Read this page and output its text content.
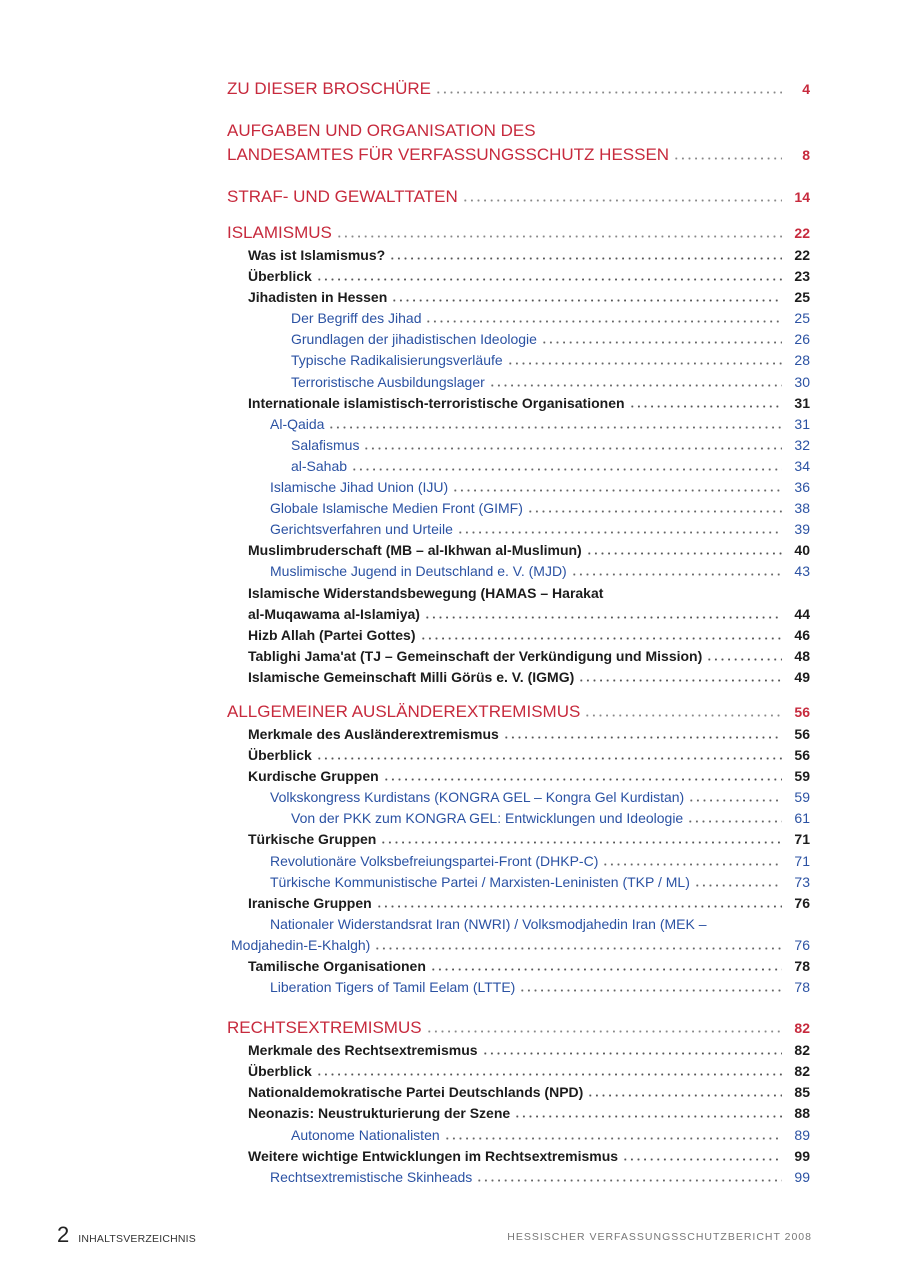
ZU DIESER BROSCHÜRE	4
AUFGABEN UND ORGANISATION DES
LANDESAMTES FÜR VERFASSUNGSSCHUTZ HESSEN	8
STRAF- UND GEWALTTATEN	14
ISLAMISMUS	22
Was ist Islamismus?	22
Überblick	23
Jihadisten in Hessen	25
Der Begriff des Jihad	25
Grundlagen der jihadistischen Ideologie	26
Typische Radikalisierungsverläufe	28
Terroristische Ausbildungslager	30
Internationale islamistisch-terroristische Organisationen	31
Al-Qaida	31
Salafismus	32
al-Sahab	34
Islamische Jihad Union (IJU)	36
Globale Islamische Medien Front (GIMF)	38
Gerichtsverfahren und Urteile	39
Muslimbruderschaft (MB – al-Ikhwan al-Muslimun)	40
Muslimische Jugend in Deutschland e. V. (MJD)	43
Islamische Widerstandsbewegung (HAMAS – Harakat
al-Muqawama al-Islamiya)	44
Hizb Allah (Partei Gottes)	46
Tablighi Jama'at (TJ – Gemeinschaft der Verkündigung und Mission)	48
Islamische Gemeinschaft Milli Görüs e. V. (IGMG)	49
ALLGEMEINER AUSLÄNDEREXTREMISMUS	56
Merkmale des Ausländerextremismus	56
Überblick	56
Kurdische Gruppen	59
Volkskongress Kurdistans (KONGRA GEL – Kongra Gel Kurdistan)	59
Von der PKK zum KONGRA GEL: Entwicklungen und Ideologie	61
Türkische Gruppen	71
Revolutionäre Volksbefreiungspartei-Front (DHKP-C)	71
Türkische Kommunistische Partei / Marxisten-Leninisten (TKP / ML)	73
Iranische Gruppen	76
Nationaler Widerstandsrat Iran (NWRI) / Volksmodjahedin Iran (MEK –
Modjahedin-E-Khalgh)	76
Tamilische Organisationen	78
Liberation Tigers of Tamil Eelam (LTTE)	78
RECHTSEXTREMISMUS	82
Merkmale des Rechtsextremismus	82
Überblick	82
Nationaldemokratische Partei Deutschlands (NPD)	85
Neonazis: Neustrukturierung der Szene	88
Autonome Nationalisten	89
Weitere wichtige Entwicklungen im Rechtsextremismus	99
Rechtsextremistische Skinheads	99
2 INHALTSVERZEICHNIS	HESSISCHER VERFASSUNGSSCHUTZBERICHT 2008
